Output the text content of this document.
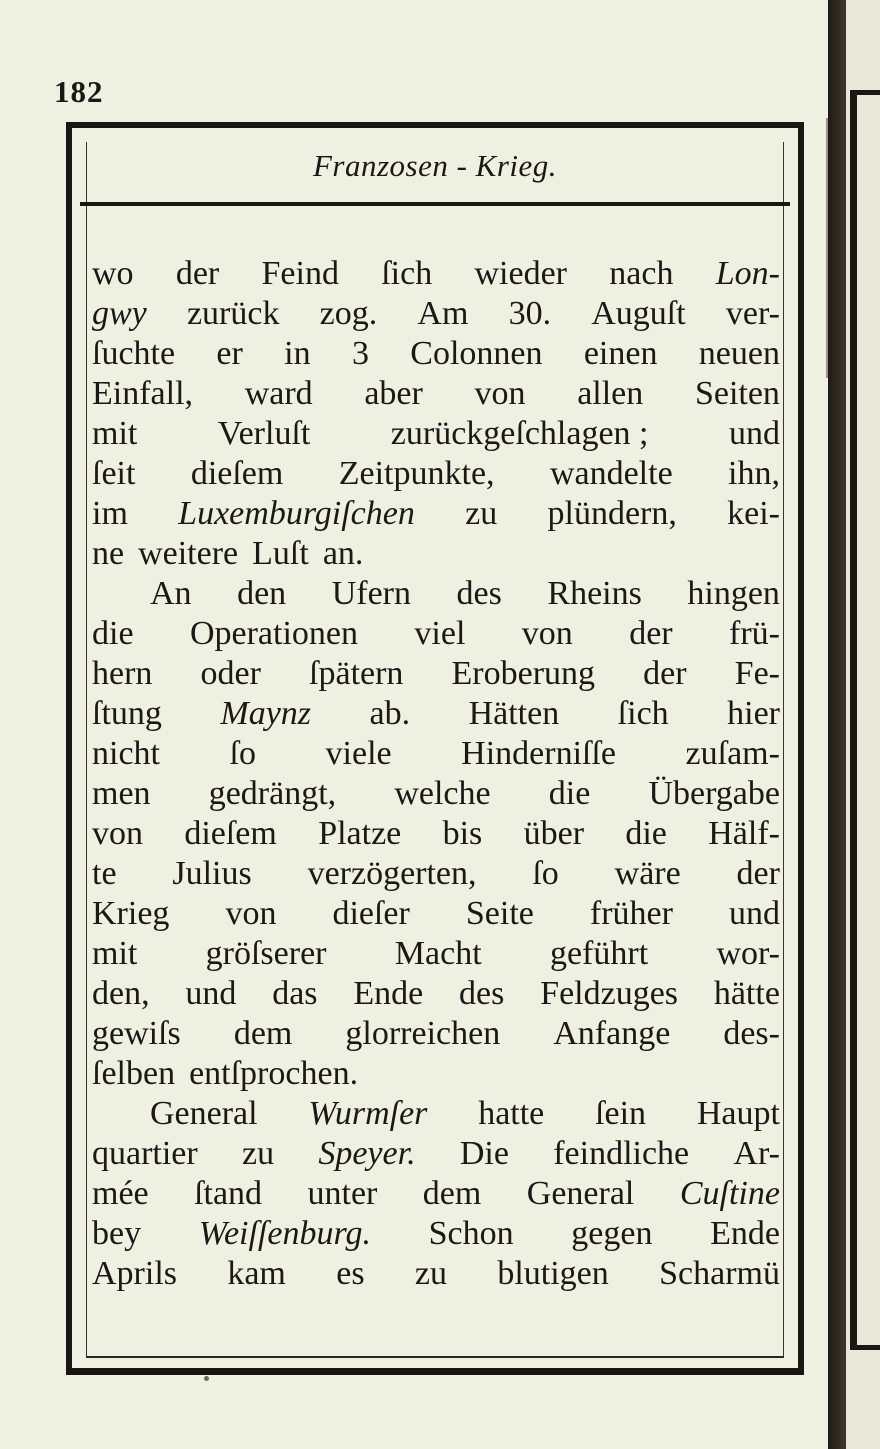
182
Franzosen - Krieg.
wo der Feind ſich wieder nach Lon-
gwy zurück zog. Am 30. Auguſt ver-
ſuchte er in 3 Colonnen einen neuen
Einfall, ward aber von allen Seiten
mit Verluſt zurückgeſchlagen ; und
ſeit dieſem Zeitpunkte, wandelte ihn,
im Luxemburgiſchen zu plündern, kei-
ne weitere Luſt an.
An den Ufern des Rheins hingen
die Operationen viel von der frü-
hern oder ſpätern Eroberung der Fe-
ſtung Maynz ab. Hätten ſich hier
nicht ſo viele Hinderniſſe zuſam-
men gedrängt, welche die Übergabe
von dieſem Platze bis über die Hälf-
te Julius verzögerten, ſo wäre der
Krieg von dieſer Seite früher und
mit gröſserer Macht geführt wor-
den, und das Ende des Feldzuges hätte
gewiſs dem glorreichen Anfange des-
ſelben entſprochen.
General Wurmſer hatte ſein Haupt
quartier zu Speyer. Die feindliche Ar-
mée ſtand unter dem General Cuſtine
bey Weiſſenburg. Schon gegen Ende
Aprils kam es zu blutigen Scharmü
